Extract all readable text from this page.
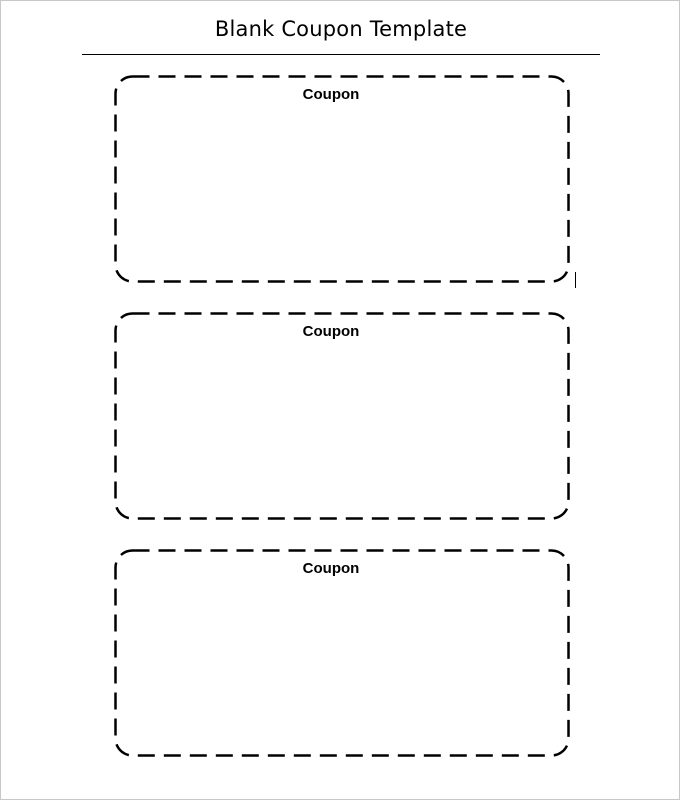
Blank Coupon Template
Coupon
Coupon
Coupon
